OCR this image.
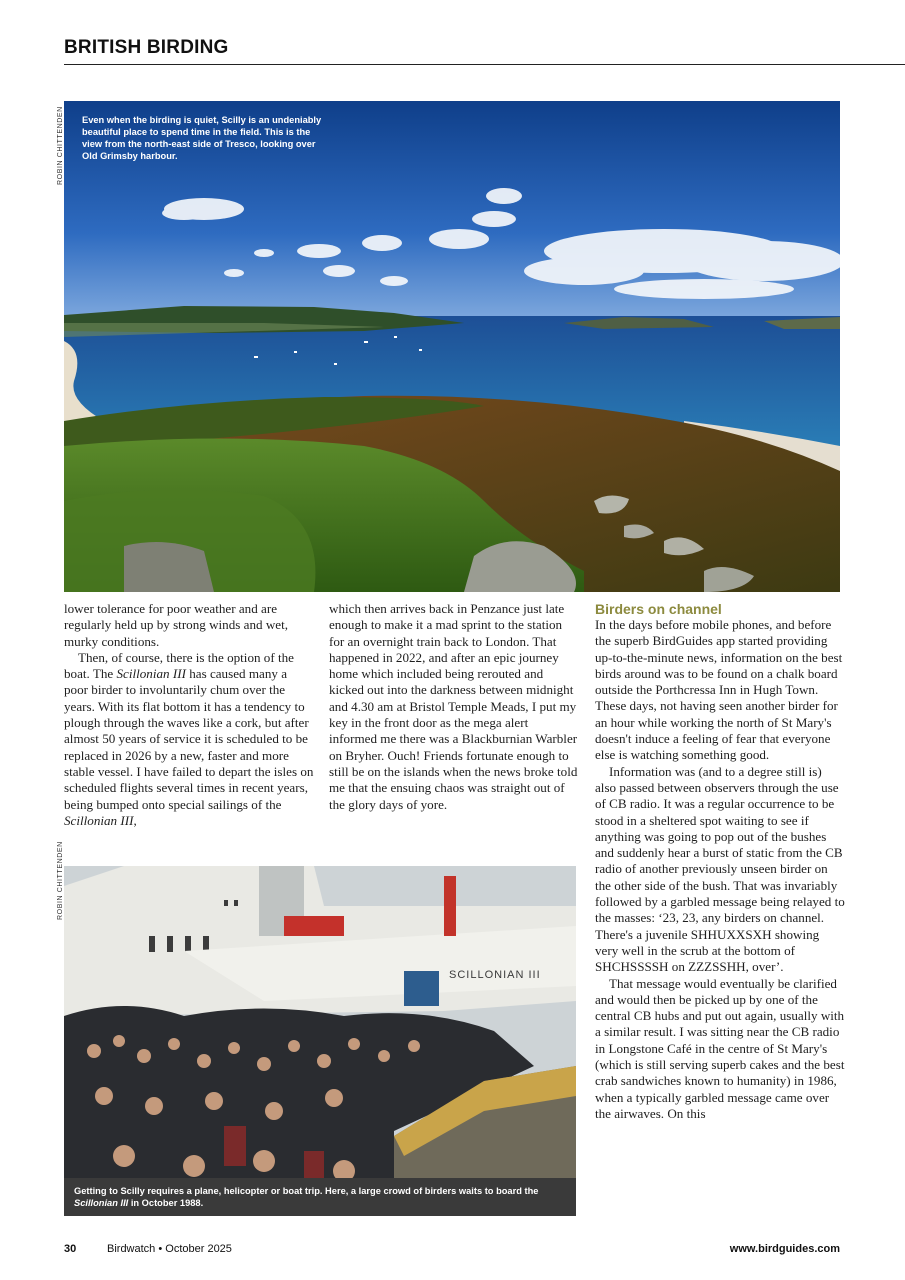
BRITISH BIRDING
ROBIN CHITTENDEN Even when the birding is quiet, Scilly is an undeniably beautiful place to spend time in the field. This is the view from the north-east side of Tresco, looking over Old Grimsby harbour.

lower tolerance for poor weather and are regularly held up by strong winds and wet, murky conditions.

Then, of course, there is the option of the boat. The Scillonian III has caused many a poor birder to involuntarily chum over the years. With its flat bottom it has a tendency to plough through the waves like a cork, but after almost 50 years of service it is scheduled to be replaced in 2026 by a new, faster and more stable vessel. I have failed to depart the isles on scheduled flights several times in recent years, being bumped onto special sailings of the Scillonian III,

which then arrives back in Penzance just late enough to make it a mad sprint to the station for an overnight train back to London. That happened in 2022, and after an epic journey home which included being rerouted and kicked out into the darkness between midnight and 4.30 am at Bristol Temple Meads, I put my key in the front door as the mega alert informed me there was a Blackburnian Warbler on Bryher. Ouch! Friends fortunate enough to still be on the islands when the news broke told me that the ensuing chaos was straight out of the glory days of yore.

Birders on channel

In the days before mobile phones, and before the superb BirdGuides app started providing up-to-the-minute news, information on the best birds around was to be found on a chalk board outside the Porthcressa Inn in Hugh Town. These days, not having seen another birder for an hour while working the north of St Mary's doesn't induce a feeling of fear that everyone else is watching something good.

Information was (and to a degree still is) also passed between observers through the use of CB radio. It was a regular occurrence to be stood in a sheltered spot waiting to see if anything was going to pop out of the bushes and suddenly hear a burst of static from the CB radio of another previously unseen birder on the other side of the bush. That was invariably followed by a garbled message being relayed to the masses: ‘23, 23, any birders on channel. There's a juvenile SHHUXXSXH showing very well in the scrub at the bottom of SHCHSSSSH on ZZZSSHH, over’.

That message would eventually be clarified and would then be picked up by one of the central CB hubs and put out again, usually with a similar result. I was sitting near the CB radio in Longstone Café in the centre of St Mary's (which is still serving superb cakes and the best crab sandwiches known to humanity) in 1986, when a typically garbled message came over the airwaves. On this

ROBIN CHITTENDEN
SCILLONIAN III
Getting to Scilly requires a plane, helicopter or boat trip. Here, a large crowd of birders waits to board the Scillonian III in October 1988.
30	Birdwatch • October 2025	www.birdguides.com
